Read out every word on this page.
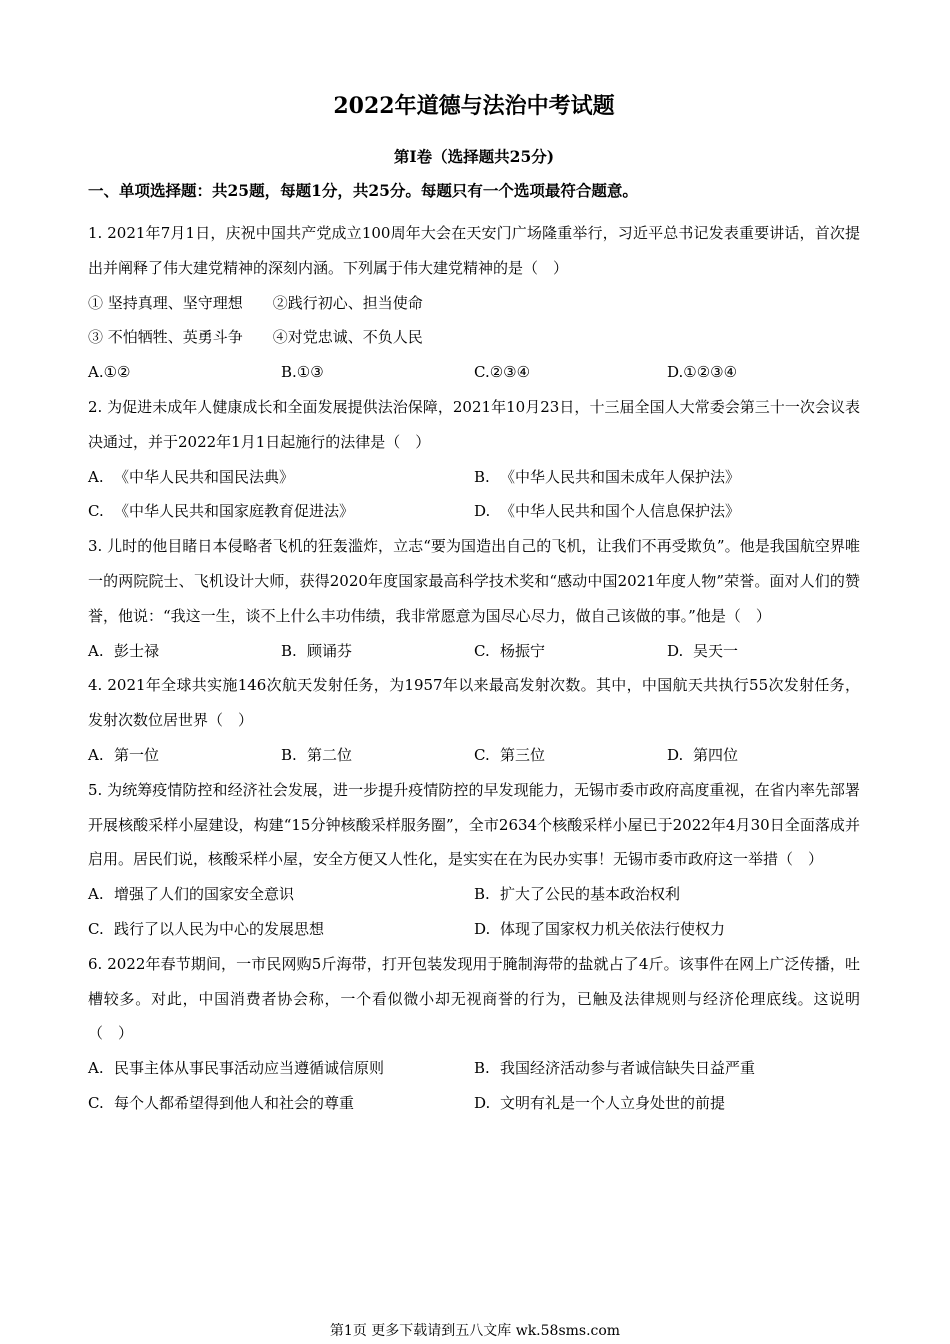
2022年道德与法治中考试题
第I卷（选择题共25分)
一、单项选择题：共25题，每题1分，共25分。每题只有一个选项最符合题意。

1. 2021年7月1日，庆祝中国共产党成立100周年大会在天安门广场隆重举行，习近平总书记发表重要讲话，首次提出并阐释了伟大建党精神的深刻内涵。下列属于伟大建党精神的是（　）

① 坚持真理、坚守理想　　②践行初心、担当使命

③ 不怕牺牲、英勇斗争　　④对党忠诚、不负人民

A.①②	B.①③	C.②③④	D.①②③④

2. 为促进未成年人健康成长和全面发展提供法治保障，2021年10月23日，十三届全国人大常委会第三十一次会议表决通过，并于2022年1月1日起施行的法律是（　）

A. 《中华人民共和国民法典》	B. 《中华人民共和国未成年人保护法》
C. 《中华人民共和国家庭教育促进法》	D. 《中华人民共和国个人信息保护法》

3. 儿时的他目睹日本侵略者飞机的狂轰滥炸，立志“要为国造出自己的飞机，让我们不再受欺负”。他是我国航空界唯一的两院院士、飞机设计大师，获得2020年度国家最高科学技术奖和“感动中国2021年度人物”荣誉。面对人们的赞誉，他说：“我这一生，谈不上什么丰功伟绩，我非常愿意为国尽心尽力，做自己该做的事。”他是（　）

A. 彭士禄	B. 顾诵芬	C. 杨振宁	D. 吴天一

4. 2021年全球共实施146次航天发射任务，为1957年以来最高发射次数。其中，中国航天共执行55次发射任务，发射次数位居世界（　）

A. 第一位	B. 第二位	C. 第三位	D. 第四位

5. 为统筹疫情防控和经济社会发展，进一步提升疫情防控的早发现能力，无锡市委市政府高度重视，在省内率先部署开展核酸采样小屋建设，构建“15分钟核酸采样服务圈”，全市2634个核酸采样小屋已于2022年4月30日全面落成并启用。居民们说，核酸采样小屋，安全方便又人性化，是实实在在为民办实事！无锡市委市政府这一举措（　）

A. 增强了人们的国家安全意识	B. 扩大了公民的基本政治权利
C. 践行了以人民为中心的发展思想	D. 体现了国家权力机关依法行使权力

6. 2022年春节期间，一市民网购5斤海带，打开包装发现用于腌制海带的盐就占了4斤。该事件在网上广泛传播，吐槽较多。对此，中国消费者协会称，一个看似微小却无视商誉的行为，已触及法律规则与经济伦理底线。这说明（　）

A. 民事主体从事民事活动应当遵循诚信原则	B. 我国经济活动参与者诚信缺失日益严重
C. 每个人都希望得到他人和社会的尊重	D. 文明有礼是一个人立身处世的前提
第1页 更多下载请到五八文库 wk.58sms.com
